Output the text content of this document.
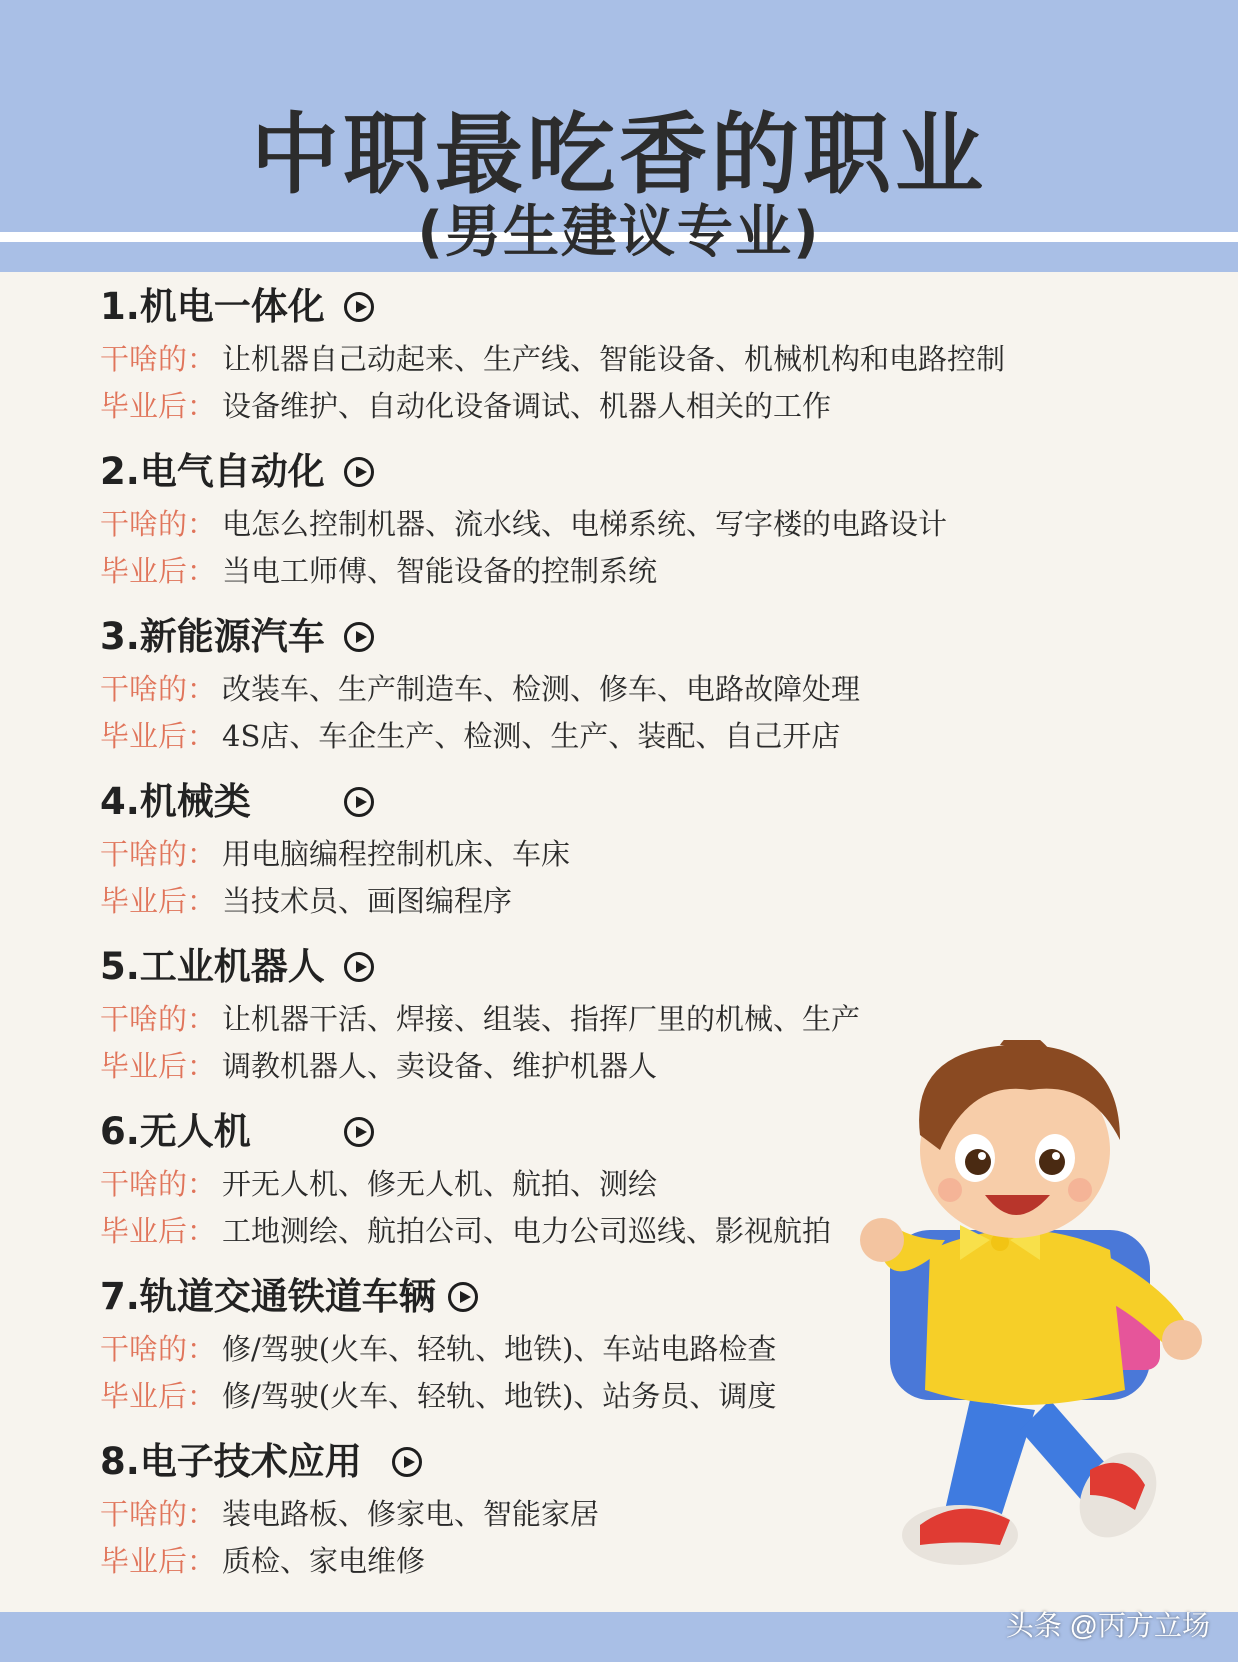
中职最吃香的职业
(男生建议专业)
1.机电一体化
干啥的： 让机器自己动起来、生产线、智能设备、机械机构和电路控制
毕业后： 设备维护、自动化设备调试、机器人相关的工作
2.电气自动化
干啥的： 电怎么控制机器、流水线、电梯系统、写字楼的电路设计
毕业后： 当电工师傅、智能设备的控制系统
3.新能源汽车
干啥的： 改装车、生产制造车、检测、修车、电路故障处理
毕业后： 4S店、车企生产、检测、生产、装配、自己开店
4.机械类
干啥的： 用电脑编程控制机床、车床
毕业后： 当技术员、画图编程序
5.工业机器人
干啥的： 让机器干活、焊接、组装、指挥厂里的机械、生产
毕业后： 调教机器人、卖设备、维护机器人
6.无人机
干啥的： 开无人机、修无人机、航拍、测绘
毕业后： 工地测绘、航拍公司、电力公司巡线、影视航拍
7.轨道交通铁道车辆
干啥的： 修/驾驶(火车、轻轨、地铁)、车站电路检查
毕业后： 修/驾驶(火车、轻轨、地铁)、站务员、调度
8.电子技术应用
干啥的： 装电路板、修家电、智能家居
毕业后： 质检、家电维修
头条 @丙方立场
